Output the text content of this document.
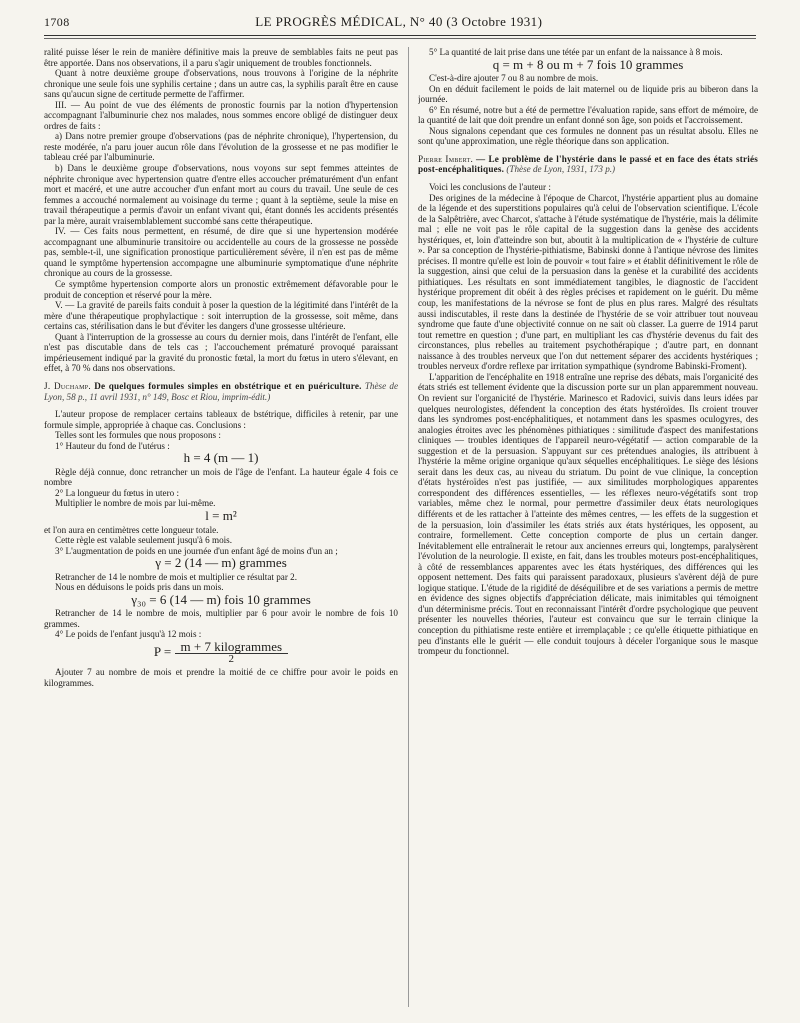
1708	LE PROGRÈS MÉDICAL, N° 40 (3 Octobre 1931)

ralité puisse léser le rein de manière définitive mais la preuve de semblables faits ne peut pas être apportée. Dans nos observations, il a paru s'agir uniquement de troubles fonctionnels.

Quant à notre deuxième groupe d'observations, nous trouvons à l'origine de la néphrite chronique une seule fois une syphilis certaine ; dans un autre cas, la syphilis paraît être en cause sans qu'aucun signe de certitude permette de l'affirmer.

III. — Au point de vue des éléments de pronostic fournis par la notion d'hypertension accompagnant l'albuminurie chez nos malades, nous sommes encore obligé de distinguer deux ordres de faits :

a) Dans notre premier groupe d'observations (pas de néphrite chronique), l'hypertension, du reste modérée, n'a paru jouer aucun rôle dans l'évolution de la grossesse et ne pas modifier le tableau créé par l'albuminurie.

b) Dans le deuxième groupe d'observations, nous voyons sur sept femmes atteintes de néphrite chronique avec hypertension quatre d'entre elles accoucher prématurément d'un enfant mort et macéré, et une autre accoucher d'un enfant mort au cours du travail. Une seule de ces femmes a accouché normalement au voisinage du terme ; quant à la septième, seule la mise en travail thérapeutique a permis d'avoir un enfant vivant qui, étant donnés les accidents présentés par la mère, aurait vraisemblablement succombé sans cette thérapeutique.

IV. — Ces faits nous permettent, en résumé, de dire que si une hypertension modérée accompagnant une albuminurie transitoire ou accidentelle au cours de la grossesse ne possède pas, semble-t-il, une signification pronostique particulièrement sévère, il n'en est pas de même quand le symptôme hypertension accompagne une albuminurie symptomatique d'une néphrite chronique au cours de la grossesse.

Ce symptôme hypertension comporte alors un pronostic extrêmement défavorable pour le produit de conception et réservé pour la mère.

V. — La gravité de pareils faits conduit à poser la question de la légitimité dans l'intérêt de la mère d'une thérapeutique prophylactique : soit interruption de la grossesse, soit même, dans certains cas, stérilisation dans le but d'éviter les dangers d'une grossesse ultérieure.

Quant à l'interruption de la grossesse au cours du dernier mois, dans l'intérêt de l'enfant, elle n'est pas discutable dans de tels cas ; l'accouchement prématuré provoqué paraissant impérieusement indiqué par la gravité du pronostic fœtal, la mort du fœtus in utero s'élevant, en effet, à 70 % dans nos observations.

J. Duchamp. De quelques formules simples en obstétrique et en puériculture. Thèse de Lyon, 58 p., 11 avril 1931, n° 149, Bosc et Riou, imprim-édit.)

L'auteur propose de remplacer certains tableaux de bstétrique, difficiles à retenir, par une formule simple, appropriée à chaque cas. Conclusions :

Telles sont les formules que nous proposons :

1° Hauteur du fond de l'utérus :

h = 4 (m — 1)

Règle déjà connue, donc retrancher un mois de l'âge de l'enfant. La hauteur égale 4 fois ce nombre

2° La longueur du fœtus in utero :

Multiplier le nombre de mois par lui-même.

l = m²

et l'on aura en centimètres cette longueur totale.

Cette règle est valable seulement jusqu'à 6 mois.

3° L'augmentation de poids en une journée d'un enfant âgé de moins d'un an ;

γ = 2 (14 — m) grammes

Retrancher de 14 le nombre de mois et multiplier ce résultat par 2.

Nous en déduisons le poids pris dans un mois.

γ₃₀ = 6 (14 — m) fois 10 grammes

Retrancher de 14 le nombre de mois, multiplier par 6 pour avoir le nombre de fois 10 grammes.

4° Le poids de l'enfant jusqu'à 12 mois :

$P = \frac{\text{m + 7 kilogrammes}}{2}$

Ajouter 7 au nombre de mois et prendre la moitié de ce chiffre pour avoir le poids en kilogrammes.

5° La quantité de lait prise dans une tétée par un enfant de la naissance à 8 mois.

q = m + 8 ou m + 7 fois 10 grammes

C'est-à-dire ajouter 7 ou 8 au nombre de mois.

On en déduit facilement le poids de lait maternel ou de liquide pris au biberon dans la journée.

6° En résumé, notre but a été de permettre l'évaluation rapide, sans effort de mémoire, de la quantité de lait que doit prendre un enfant donné son âge, son poids et l'accroissement.

Nous signalons cependant que ces formules ne donnent pas un résultat absolu. Elles ne sont qu'une approximation, une règle théorique dans son application.

Pierre Imbert. — Le problème de l'hystérie dans le passé et en face des états striés post-encéphalitiques. (Thèse de Lyon, 1931, 173 p.)

Voici les conclusions de l'auteur :

Des origines de la médecine à l'époque de Charcot, l'hystérie appartient plus au domaine de la légende et des superstitions populaires qu'à celui de l'observation scientifique. L'école de la Salpêtrière, avec Charcot, s'attache à l'étude systématique de l'hystérie, mais la délimite mal ; elle ne voit pas le rôle capital de la suggestion dans la genèse des accidents hystériques, et, loin d'atteindre son but, aboutit à la multiplication de « l'hystérie de culture ». Par sa conception de l'hystérie-pithiatisme, Babinski donne à l'antique névrose des limites précises. Il montre qu'elle est loin de pouvoir « tout faire » et établit définitivement le rôle de la suggestion, ainsi que celui de la persuasion dans la genèse et la curabilité des accidents pithiatiques. Les résultats en sont immédiatement tangibles, le diagnostic de l'accident hystérique proprement dit obéit à des règles précises et rapidement on le guérit. Du même coup, les manifestations de la névrose se font de plus en plus rares. Malgré des résultats aussi indiscutables, il reste dans la destinée de l'hystérie de se voir attribuer tout nouveau syndrome que faute d'une objectivité connue on ne sait où classer. La guerre de 1914 parut tout remettre en question ; d'une part, en multipliant les cas d'hystérie devenus du fait des circonstances, plus rebelles au traitement psychothérapique ; d'autre part, en donnant naissance à des troubles nerveux que l'on dut nettement séparer des accidents hystériques ; troubles nerveux d'ordre reflexe par irritation sympathique (syndrome Babinski-Froment).

L'apparition de l'encéphalite en 1918 entraîne une reprise des débats, mais l'organicité des états striés est tellement évidente que la discussion porte sur un plan apparemment nouveau. On revient sur l'organicité de l'hystérie. Marinesco et Radovici, suivis dans leurs idées par quelques neurologistes, défendent la conception des états hystéroïdes. Ils croient trouver dans les syndromes post-encéphalitiques, et notamment dans les spasmes oculogyres, des analogies étroites avec les phénomènes pithiatiques : similitude d'aspect des manifestations cliniques — troubles identiques de l'appareil neuro-végétatif — action comparable de la suggestion et de la persuasion. S'appuyant sur ces prétendues analogies, ils attribuent à l'hystérie la même origine organique qu'aux séquelles encéphalitiques. Le siège des lésions serait dans les deux cas, au niveau du striatum. Du point de vue clinique, la conception d'états hystéroïdes n'est pas justifiée, — aux similitudes morphologiques apparentes correspondent des différences essentielles, — les réflexes neuro-végétatifs sont trop variables, même chez le normal, pour permettre d'assimiler deux états neurologiques différents et de les rattacher à l'atteinte des mêmes centres, — les effets de la suggestion et de la persuasion, loin d'assimiler les états striés aux états hystériques, les opposent, au contraire, formellement. Cette conception comporte de plus un certain danger. Inévitablement elle entraînerait le retour aux anciennes erreurs qui, longtemps, paralysèrent l'évolution de la neurologie. Il existe, en fait, dans les troubles moteurs post-encéphalitiques, à côté de ressemblances apparentes avec les états hystériques, des différences qui les opposent nettement. Des faits qui paraissent paradoxaux, plusieurs s'avèrent déjà de pure logique statique. L'étude de la rigidité de déséquilibre et de ses variations a permis de mettre en évidence des signes objectifs d'appréciation délicate, mais inimitables qui témoignent d'un déterminisme précis. Tout en reconnaissant l'intérêt d'ordre psychologique que peuvent présenter les nouvelles théories, l'auteur est convaincu que sur le terrain clinique la conception du pithiatisme reste entière et irremplaçable ; ce qu'elle étiquette pithiatique en peu d'instants elle le guérit — elle conduit toujours à déceler l'organique sous le masque trompeur du fonctionnel.
